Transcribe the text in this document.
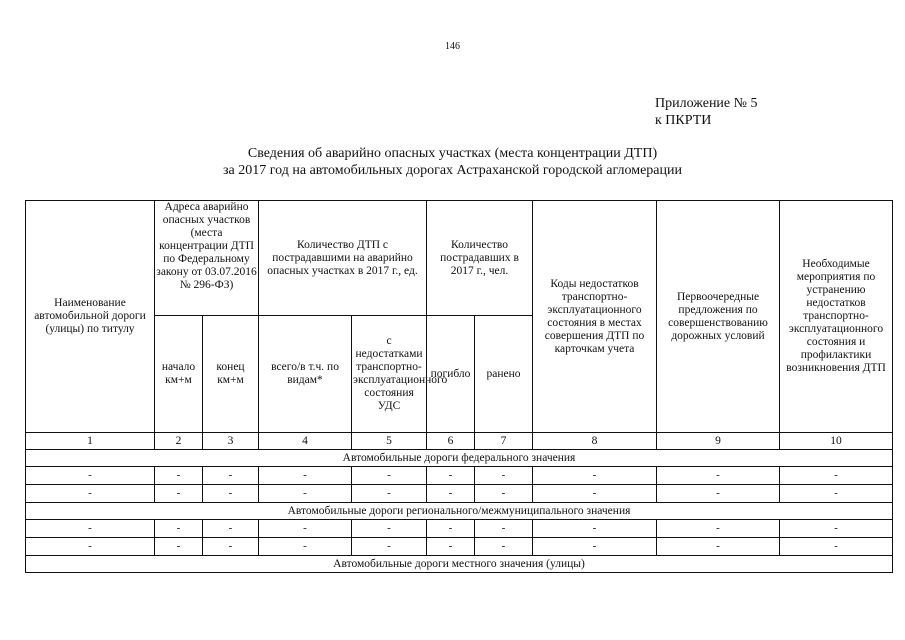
146
Приложение № 5
к ПКРТИ
Сведения об аварийно опасных участках (места концентрации ДТП)
за 2017 год на автомобильных дорогах Астраханской городской агломерации
Наименование автомобильной дороги (улицы) по титулу	Адреса аварийно опасных участков (места концентрации ДТП по Федеральному закону от 03.07.2016 № 296-ФЗ)		Количество ДТП с пострадавшими на аварийно опасных участках в 2017 г., ед.		Количество пострадавших в 2017 г., чел.		Коды недостатков транспортно-эксплуатационного состояния в местах совершения ДТП по карточкам учета	Первоочередные предложения по совершенствованию дорожных условий	Необходимые мероприятия по устранению недостатков транспортно-эксплуатационного состояния и профилактики возникновения ДТП
	начало км+м	конец км+м	всего/в т.ч. по видам*	с недостатками транспортно-эксплуатационного состояния УДС	погибло	ранено			
1	2	3	4	5	6	7	8	9	10
Автомобильные дороги федерального значения									
-	-	-	-	-	-	-	-	-	-
-	-	-	-	-	-	-	-	-	-
Автомобильные дороги регионального/межмуниципального значения									
-	-	-	-	-	-	-	-	-	-
-	-	-	-	-	-	-	-	-	-
Автомобильные дороги местного значения (улицы)									
